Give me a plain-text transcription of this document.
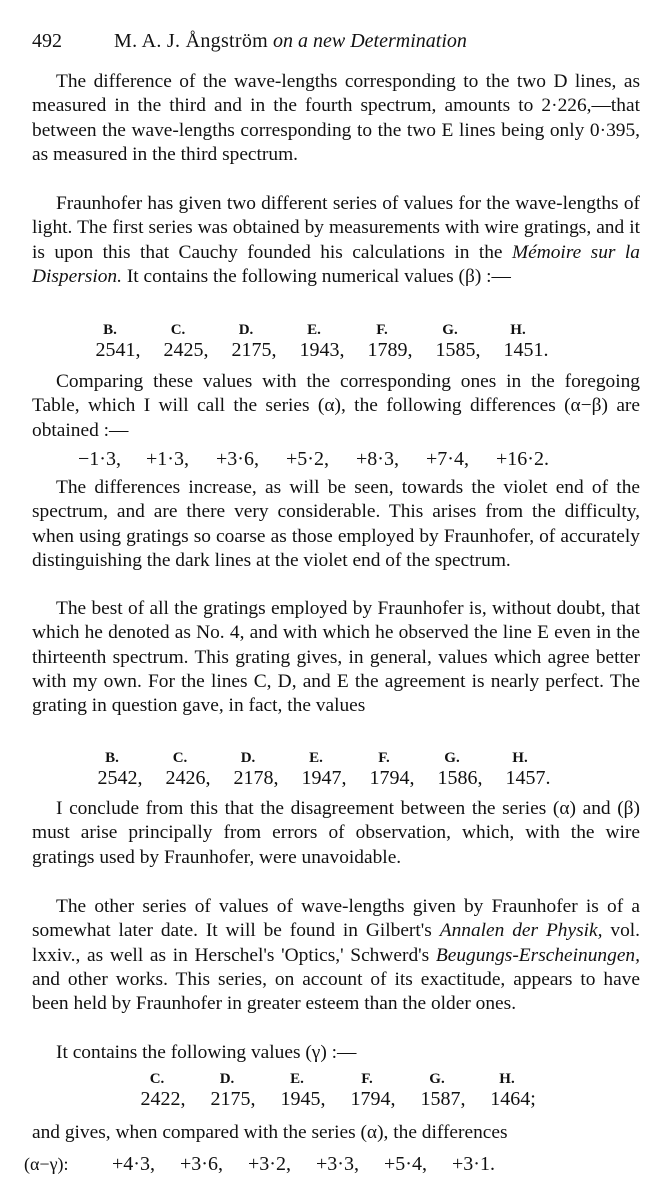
492	M. A. J. Ångström on a new Determination
The difference of the wave-lengths corresponding to the two D lines, as measured in the third and in the fourth spectrum, amounts to 2·226,—that between the wave-lengths corresponding to the two E lines being only 0·395, as measured in the third spectrum.
Fraunhofer has given two different series of values for the wave-lengths of light. The first series was obtained by measurements with wire gratings, and it is upon this that Cauchy founded his calculations in the Mémoire sur la Dispersion. It contains the following numerical values (β) :—
B.	C.	D.	E.	F.	G.	H.
2541, 2425, 2175, 1943, 1789, 1585, 1451.
Comparing these values with the corresponding ones in the foregoing Table, which I will call the series (α), the following differences (α−β) are obtained :—
−1·3, +1·3, +3·6, +5·2, +8·3, +7·4, +16·2.
The differences increase, as will be seen, towards the violet end of the spectrum, and are there very considerable. This arises from the difficulty, when using gratings so coarse as those employed by Fraunhofer, of accurately distinguishing the dark lines at the violet end of the spectrum.
The best of all the gratings employed by Fraunhofer is, without doubt, that which he denoted as No. 4, and with which he observed the line E even in the thirteenth spectrum. This grating gives, in general, values which agree better with my own. For the lines C, D, and E the agreement is nearly perfect. The grating in question gave, in fact, the values
B.	C.	D.	E.	F.	G.	H.
2542, 2426, 2178, 1947, 1794, 1586, 1457.
I conclude from this that the disagreement between the series (α) and (β) must arise principally from errors of observation, which, with the wire gratings used by Fraunhofer, were unavoidable.
The other series of values of wave-lengths given by Fraunhofer is of a somewhat later date. It will be found in Gilbert's Annalen der Physik, vol. lxxiv., as well as in Herschel's 'Optics,' Schwerd's Beugungs-Erscheinungen, and other works. This series, on account of its exactitude, appears to have been held by Fraunhofer in greater esteem than the older ones.
It contains the following values (γ) :—
C.	D.	E.	F.	G.	H.
2422, 2175, 1945, 1794, 1587, 1464;
and gives, when compared with the series (α), the differences
(α−γ): +4·3, +3·6, +3·2, +3·3, +5·4, +3·1.
